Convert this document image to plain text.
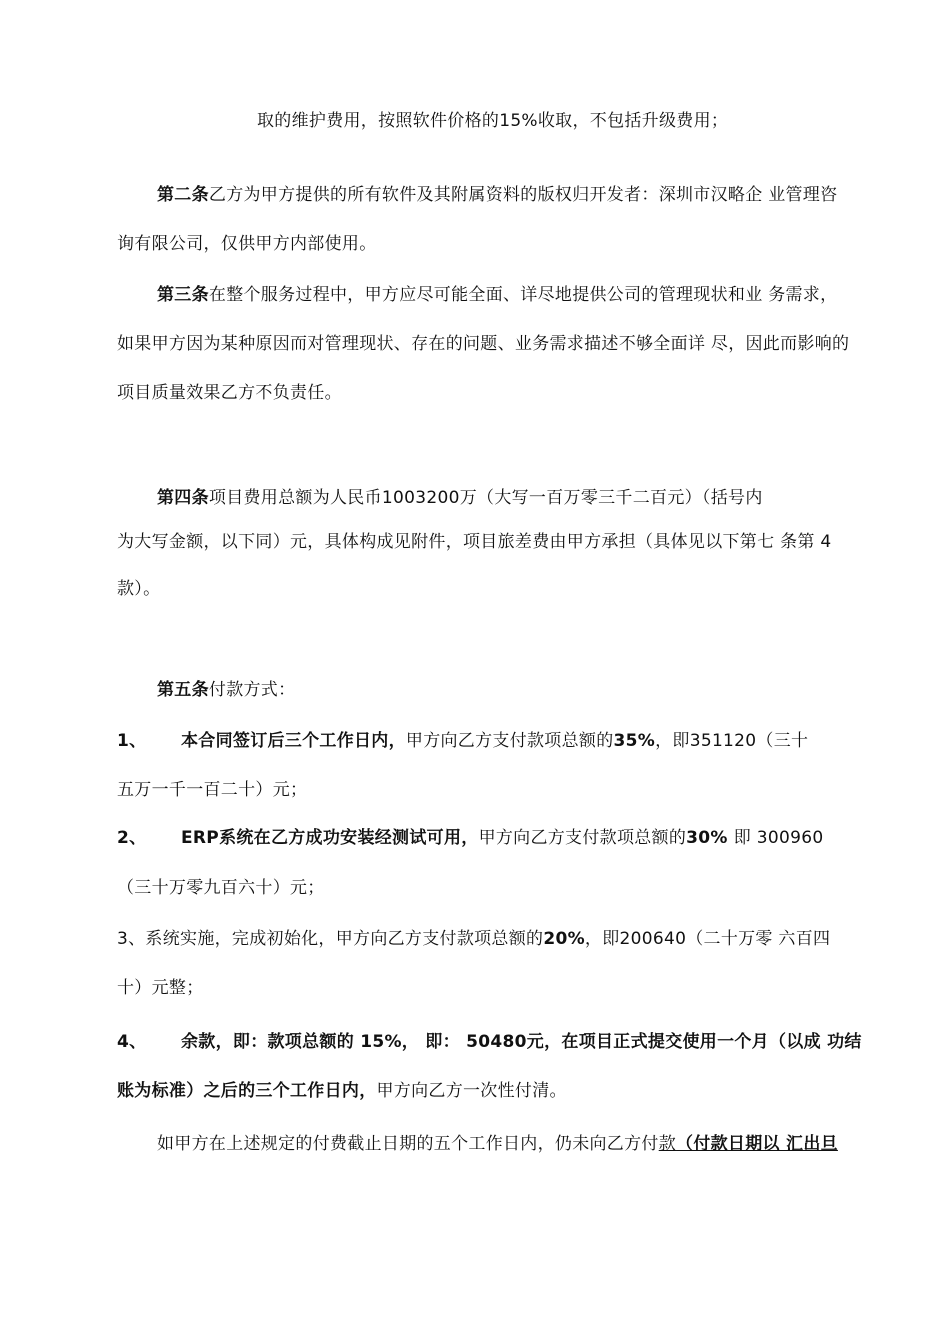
取的维护费用，按照软件价格的15%收取，不包括升级费用；
第二条乙方为甲方提供的所有软件及其附属资料的版权归开发者：深圳市汉略企 业管理咨
询有限公司，仅供甲方内部使用。
第三条在整个服务过程中，甲方应尽可能全面、详尽地提供公司的管理现状和业 务需求，
如果甲方因为某种原因而对管理现状、存在的问题、业务需求描述不够全面详 尽，因此而影响的
项目质量效果乙方不负责任。
第四条项目费用总额为人民币1003200万（大写一百万零三千二百元）（括号内
为大写金额，以下同）元，具体构成见附件，项目旅差费由甲方承担（具体见以下第七 条第 4
款）。
第五条付款方式：
1、 本合同签订后三个工作日内，甲方向乙方支付款项总额的35%，即351120（三十
五万一千一百二十）元；
2、 ERP系统在乙方成功安装经测试可用，甲方向乙方支付款项总额的30% 即 300960
（三十万零九百六十）元；
3、系统实施，完成初始化，甲方向乙方支付款项总额的20%，即200640（二十万零 六百四
十）元整；
4、 余款，即：款项总额的 15%， 即： 50480元，在项目正式提交使用一个月（以成 功结
账为标准）之后的三个工作日内，甲方向乙方一次性付清。
如甲方在上述规定的付费截止日期的五个工作日内，仍未向乙方付款（付款日期以 汇出旦
